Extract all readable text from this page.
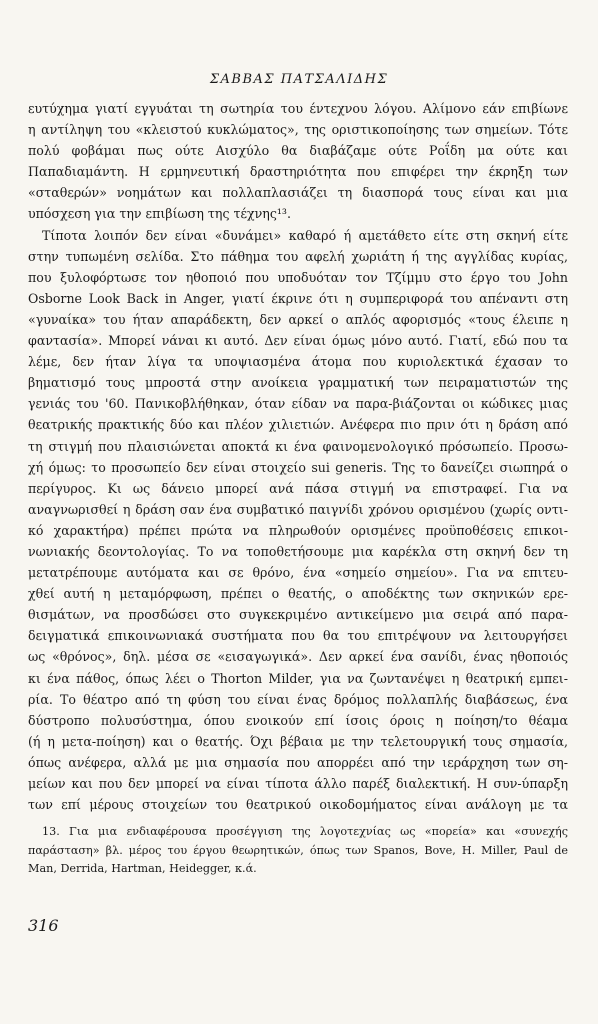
ΣΑΒΒΑΣ ΠΑΤΣΑΛΙΔΗΣ
ευτύχημα γιατί εγγυάται τη σωτηρία του έντεχνου λόγου. Αλίμονο εάν επιβίωνε
η αντίληψη του «κλειστού κυκλώματος», της οριστικοποίησης των σημείων. Τότε
πολύ φοβάμαι πως ούτε Αισχύλο θα διαβάζαμε ούτε Ροΐδη μα ούτε και
Παπαδιαμάντη. Η ερμηνευτική δραστηριότητα που επιφέρει την έκρηξη των
«σταθερών» νοημάτων και πολλαπλασιάζει τη διασπορά τους είναι και μια
υπόσχεση για την επιβίωση της τέχνης¹³.
Τίποτα λοιπόν δεν είναι «δυνάμει» καθαρό ή αμετάθετο είτε στη σκηνή είτε
στην τυπωμένη σελίδα. Στο πάθημα του αφελή χωριάτη ή της αγγλίδας κυρίας,
που ξυλοφόρτωσε τον ηθοποιό που υποδυόταν τον Τζίμμυ στο έργο του John
Osborne Look Back in Anger, γιατί έκρινε ότι η συμπεριφορά του απέναντι στη
«γυναίκα» του ήταν απαράδεκτη, δεν αρκεί ο απλός αφορισμός «τους έλειπε η
φαντασία». Μπορεί νάναι κι αυτό. Δεν είναι όμως μόνο αυτό. Γιατί, εδώ που τα
λέμε, δεν ήταν λίγα τα υποψιασμένα άτομα που κυριολεκτικά έχασαν το
βηματισμό τους μπροστά στην ανοίκεια γραμματική των πειραματιστών της
γενιάς του '60. Πανικοβλήθηκαν, όταν είδαν να παρα-βιάζονται οι κώδικες μιας
θεατρικής πρακτικής δύο και πλέον χιλιετιών. Ανέφερα πιο πριν ότι η δράση από
τη στιγμή που πλαισιώνεται αποκτά κι ένα φαινομενολογικό πρόσωπείο. Προσω-
χή όμως: το προσωπείο δεν είναι στοιχείο sui generis. Της το δανείζει σιωπηρά ο
περίγυρος. Κι ως δάνειο μπορεί ανά πάσα στιγμή να επιστραφεί. Για να
αναγνωρισθεί η δράση σαν ένα συμβατικό παιγνίδι χρόνου ορισμένου (χωρίς οντι-
κό χαρακτήρα) πρέπει πρώτα να πληρωθούν ορισμένες προϋποθέσεις επικοι-
νωνιακής δεοντολογίας. Το να τοποθετήσουμε μια καρέκλα στη σκηνή δεν τη
μετατρέπουμε αυτόματα και σε θρόνο, ένα «σημείο σημείου». Για να επιτευ-
χθεί αυτή η μεταμόρφωση, πρέπει ο θεατής, ο αποδέκτης των σκηνικών ερε-
θισμάτων, να προσδώσει στο συγκεκριμένο αντικείμενο μια σειρά από παρα-
δειγματικά επικοινωνιακά συστήματα που θα του επιτρέψουν να λειτουργήσει
ως «θρόνος», δηλ. μέσα σε «εισαγωγικά». Δεν αρκεί ένα σανίδι, ένας ηθοποιός
κι ένα πάθος, όπως λέει ο Thorton Milder, για να ζωντανέψει η θεατρική εμπει-
ρία. Το θέατρο από τη φύση του είναι ένας δρόμος πολλαπλής διαβάσεως, ένα
δύστροπο πολυσύστημα, όπου ενοικούν επί ίσοις όροις η ποίηση/το θέαμα
(ή η μετα-ποίηση) και ο θεατής. Όχι βέβαια με την τελετουργική τους σημασία,
όπως ανέφερα, αλλά με μια σημασία που απορρέει από την ιεράρχηση των ση-
μείων και που δεν μπορεί να είναι τίποτα άλλο παρέξ διαλεκτική. Η συν-ύπαρξη
των επί μέρους στοιχείων του θεατρικού οικοδομήματος είναι ανάλογη με τα
13. Για μια ενδιαφέρουσα προσέγγιση της λογοτεχνίας ως «πορεία» και «συνεχής
παράσταση» βλ. μέρος του έργου θεωρητικών, όπως των Spanos, Bove, H. Miller, Paul de
Man, Derrida, Hartman, Heidegger, κ.ά.
316
